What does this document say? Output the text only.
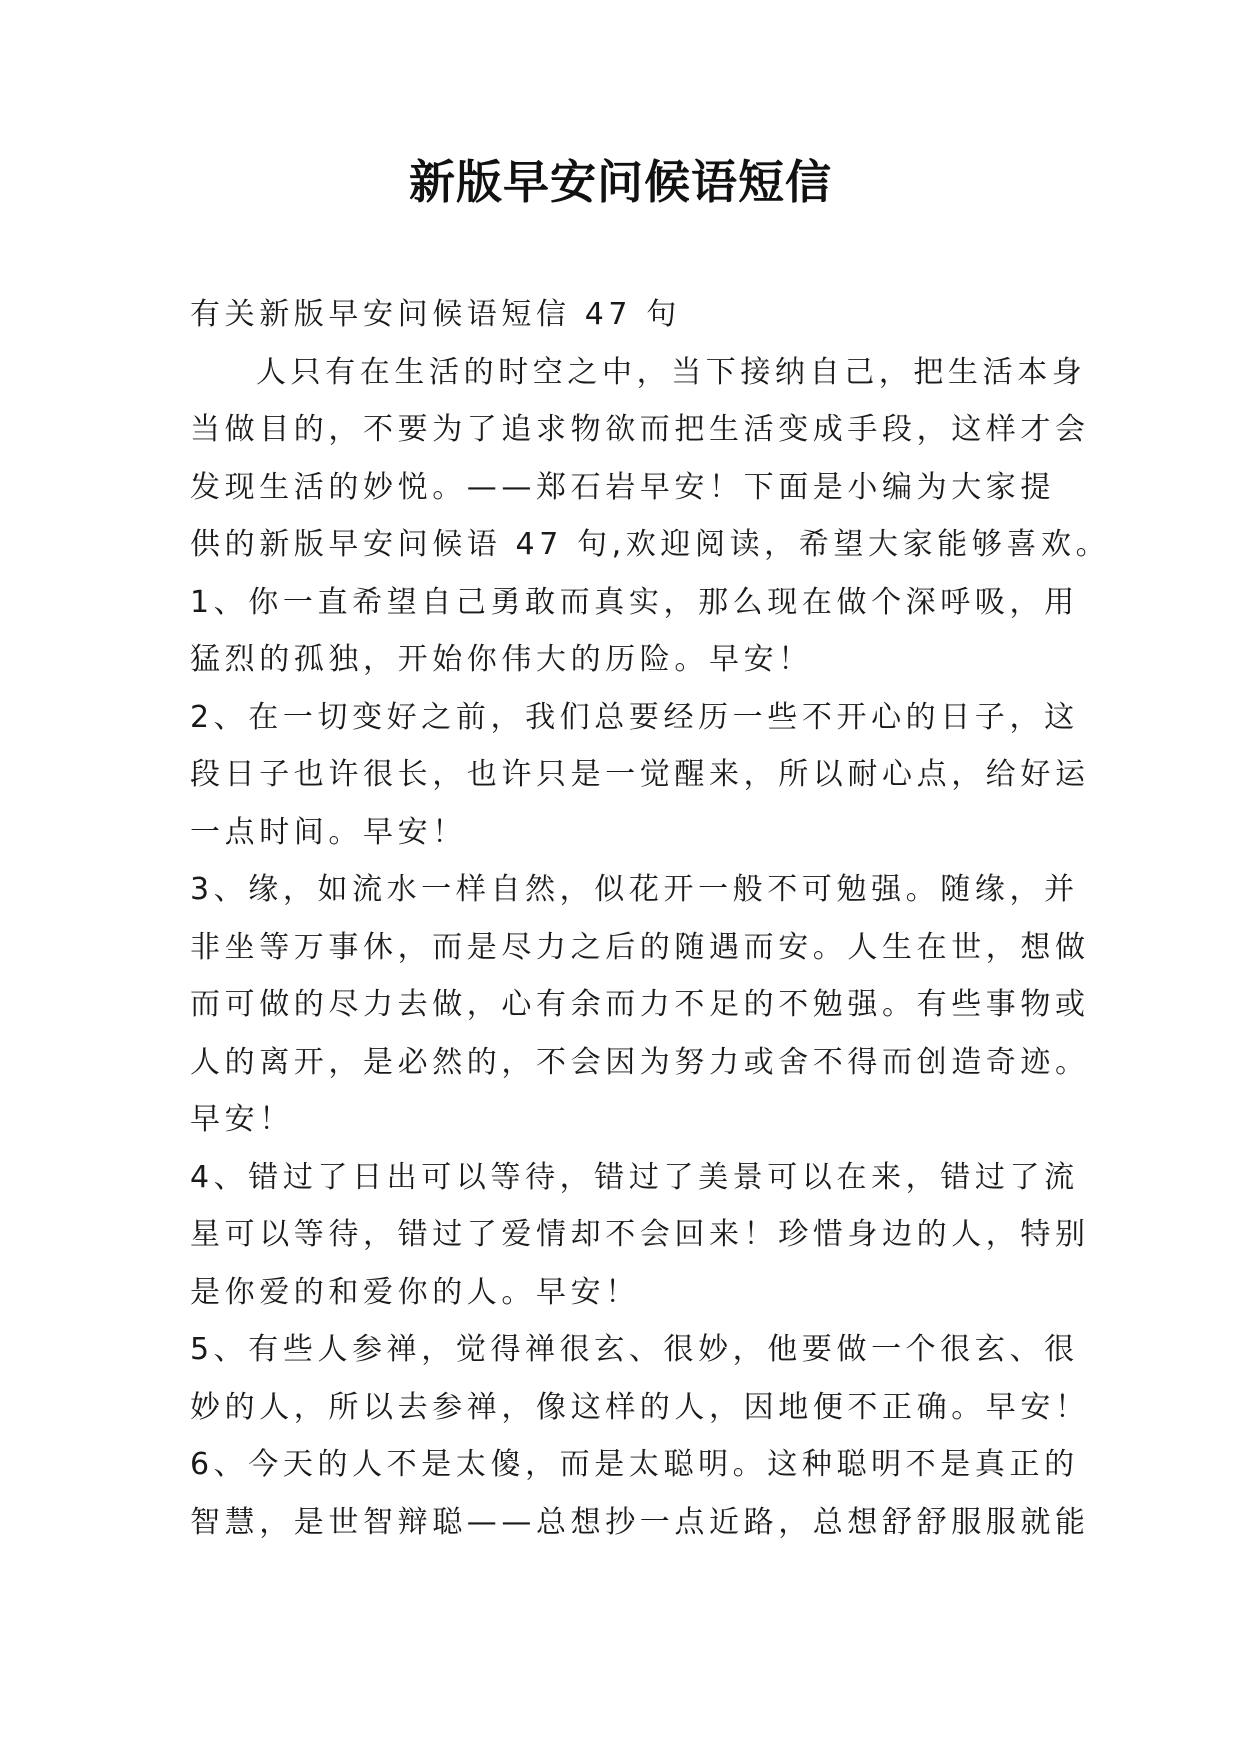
新版早安问候语短信
有关新版早安问候语短信 47 句
人只有在生活的时空之中，当下接纳自己，把生活本身
当做目的，不要为了追求物欲而把生活变成手段，这样才会
发现生活的妙悦。——郑石岩早安！下面是小编为大家提
供的新版早安问候语 47 句,欢迎阅读，希望大家能够喜欢。
1、你一直希望自己勇敢而真实，那么现在做个深呼吸，用
猛烈的孤独，开始你伟大的历险。早安！
2、在一切变好之前，我们总要经历一些不开心的日子，这
段日子也许很长，也许只是一觉醒来，所以耐心点，给好运
一点时间。早安！
3、缘，如流水一样自然，似花开一般不可勉强。随缘，并
非坐等万事休，而是尽力之后的随遇而安。人生在世，想做
而可做的尽力去做，心有余而力不足的不勉强。有些事物或
人的离开，是必然的，不会因为努力或舍不得而创造奇迹。
早安！
4、错过了日出可以等待，错过了美景可以在来，错过了流
星可以等待，错过了爱情却不会回来！珍惜身边的人，特别
是你爱的和爱你的人。早安！
5、有些人参禅，觉得禅很玄、很妙，他要做一个很玄、很
妙的人，所以去参禅，像这样的人，因地便不正确。早安！
6、今天的人不是太傻，而是太聪明。这种聪明不是真正的
智慧，是世智辩聪——总想抄一点近路，总想舒舒服服就能
